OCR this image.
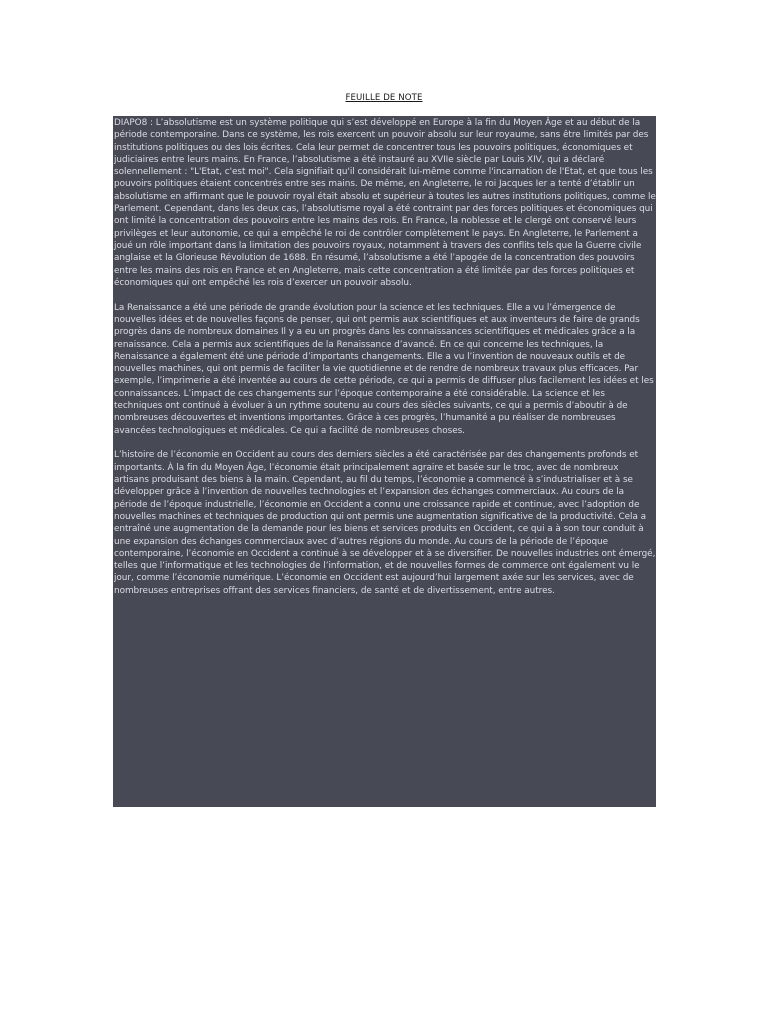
FEUILLE DE NOTE

DIAPO8 : L’absolutisme est un système politique qui s’est développé en Europe à la fin du Moyen Âge et au début de la période contemporaine. Dans ce système, les rois exercent un pouvoir absolu sur leur royaume, sans être limités par des institutions politiques ou des lois écrites. Cela leur permet de concentrer tous les pouvoirs politiques, économiques et judiciaires entre leurs mains. En France, l’absolutisme a été instauré au XVIIe siècle par Louis XIV, qui a déclaré solennellement : "L'Etat, c'est moi". Cela signifiait qu'il considérait lui-même comme l'incarnation de l'Etat, et que tous les pouvoirs politiques étaient concentrés entre ses mains. De même, en Angleterre, le roi Jacques Ier a tenté d’établir un absolutisme en affirmant que le pouvoir royal était absolu et supérieur à toutes les autres institutions politiques, comme le Parlement. Cependant, dans les deux cas, l’absolutisme royal a été contraint par des forces politiques et économiques qui ont limité la concentration des pouvoirs entre les mains des rois. En France, la noblesse et le clergé ont conservé leurs privilèges et leur autonomie, ce qui a empêché le roi de contrôler complètement le pays. En Angleterre, le Parlement a joué un rôle important dans la limitation des pouvoirs royaux, notamment à travers des conflits tels que la Guerre civile anglaise et la Glorieuse Révolution de 1688. En résumé, l’absolutisme a été l’apogée de la concentration des pouvoirs entre les mains des rois en France et en Angleterre, mais cette concentration a été limitée par des forces politiques et économiques qui ont empêché les rois d’exercer un pouvoir absolu.

La Renaissance a été une période de grande évolution pour la science et les techniques. Elle a vu l’émergence de nouvelles idées et de nouvelles façons de penser, qui ont permis aux scientifiques et aux inventeurs de faire de grands progrès dans de nombreux domaines Il y a eu un progrès dans les connaissances scientifiques et médicales grâce a la renaissance. Cela a permis aux scientifiques de la Renaissance d’avancé. En ce qui concerne les techniques, la Renaissance a également été une période d’importants changements. Elle a vu l’invention de nouveaux outils et de nouvelles machines, qui ont permis de faciliter la vie quotidienne et de rendre de nombreux travaux plus efficaces. Par exemple, l’imprimerie a été inventée au cours de cette période, ce qui a permis de diffuser plus facilement les idées et les connaissances. L’impact de ces changements sur l’époque contemporaine a été considérable. La science et les techniques ont continué à évoluer à un rythme soutenu au cours des siècles suivants, ce qui a permis d’aboutir à de nombreuses découvertes et inventions importantes. Grâce à ces progrès, l’humanité a pu réaliser de nombreuses avancées technologiques et médicales. Ce qui a facilité de nombreuses choses.

L’histoire de l’économie en Occident au cours des derniers siècles a été caractérisée par des changements profonds et importants. À la fin du Moyen Âge, l’économie était principalement agraire et basée sur le troc, avec de nombreux artisans produisant des biens à la main. Cependant, au fil du temps, l’économie a commencé à s’industrialiser et à se développer grâce à l’invention de nouvelles technologies et l’expansion des échanges commerciaux. Au cours de la période de l’époque industrielle, l’économie en Occident a connu une croissance rapide et continue, avec l’adoption de nouvelles machines et techniques de production qui ont permis une augmentation significative de la productivité. Cela a entraîné une augmentation de la demande pour les biens et services produits en Occident, ce qui a à son tour conduit à une expansion des échanges commerciaux avec d’autres régions du monde. Au cours de la période de l’époque contemporaine, l’économie en Occident a continué à se développer et à se diversifier. De nouvelles industries ont émergé, telles que l’informatique et les technologies de l’information, et de nouvelles formes de commerce ont également vu le jour, comme l’économie numérique. L’économie en Occident est aujourd’hui largement axée sur les services, avec de nombreuses entreprises offrant des services financiers, de santé et de divertissement, entre autres.
